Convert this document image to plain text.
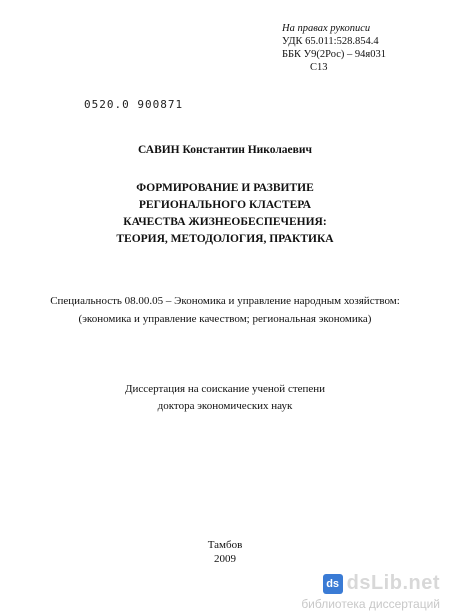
На правах рукописи
УДК 65.011:528.854.4
ББК У9(2Рос) – 94я031
С13
0520.0 900871
САВИН Константин Николаевич
ФОРМИРОВАНИЕ И РАЗВИТИЕ
РЕГИОНАЛЬНОГО КЛАСТЕРА
КАЧЕСТВА ЖИЗНЕОБЕСПЕЧЕНИЯ:
ТЕОРИЯ, МЕТОДОЛОГИЯ, ПРАКТИКА
Специальность 08.00.05 – Экономика и управление народным хозяйством:
(экономика и управление качеством; региональная экономика)
Диссертация на соискание ученой степени
доктора экономических наук
Тамбов
2009
ds dsLib.net
библиотека диссертаций
